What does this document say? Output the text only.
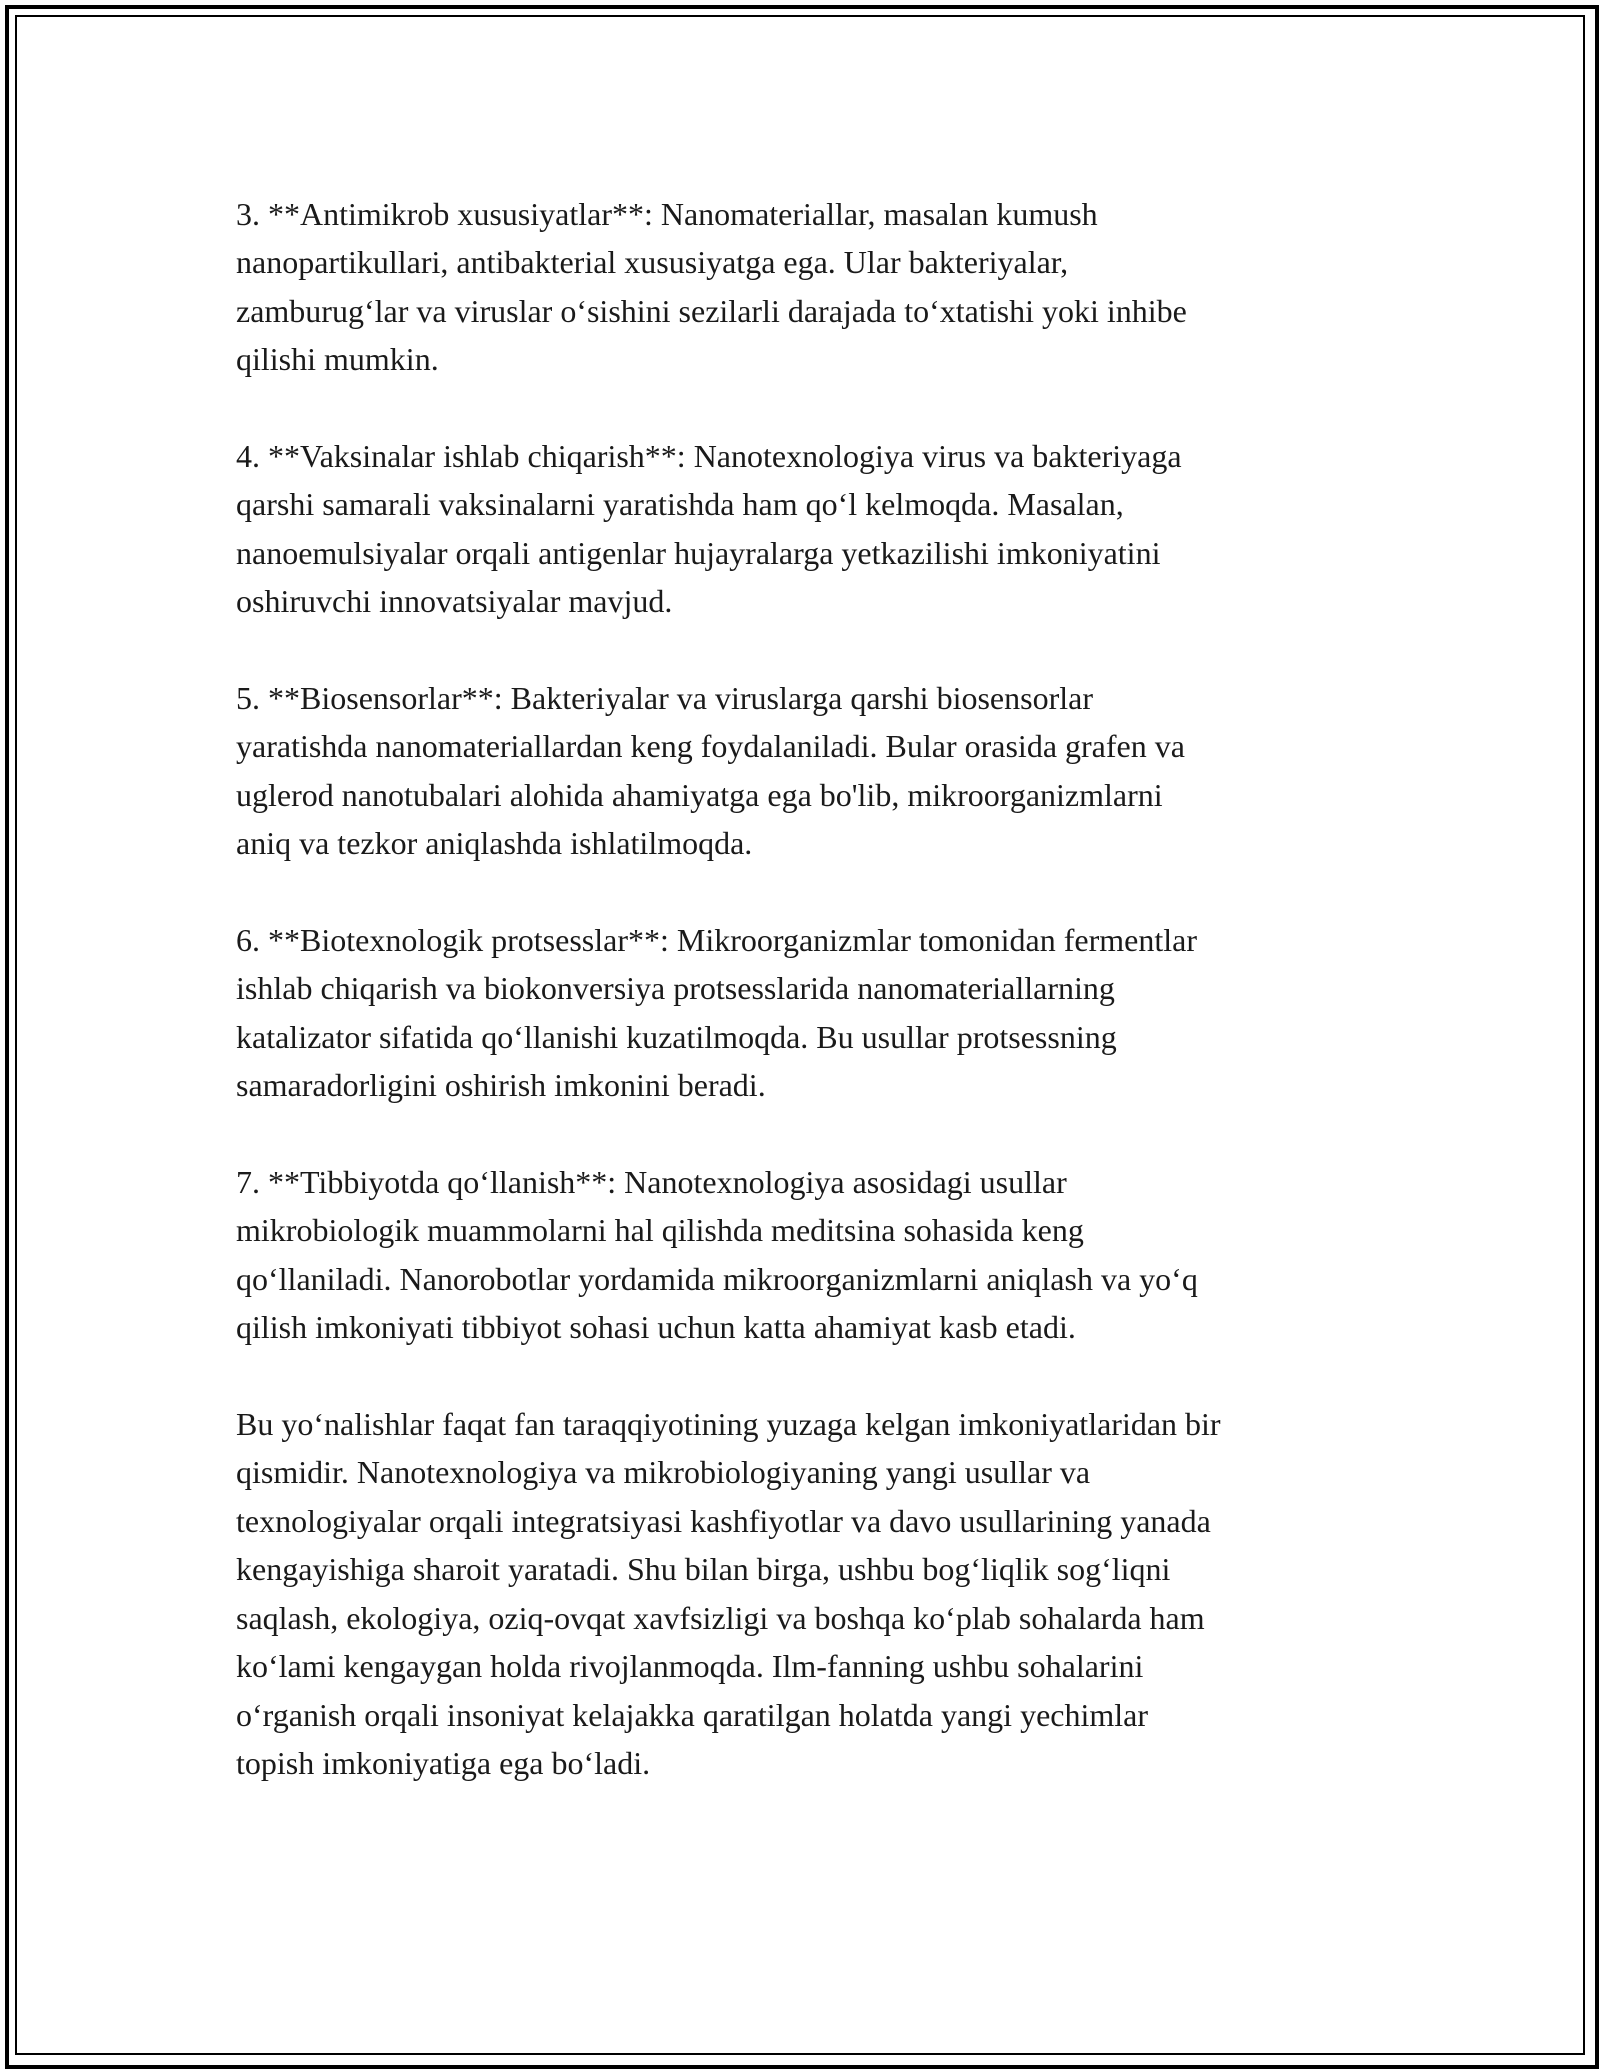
3. **Antimikrob xususiyatlar**: Nanomateriallar, masalan kumush
nanopartikullari, antibakterial xususiyatga ega. Ular bakteriyalar,
zamburug‘lar va viruslar o‘sishini sezilarli darajada to‘xtatishi yoki inhibe
qilishi mumkin.

4. **Vaksinalar ishlab chiqarish**: Nanotexnologiya virus va bakteriyaga
qarshi samarali vaksinalarni yaratishda ham qo‘l kelmoqda. Masalan,
nanoemulsiyalar orqali antigenlar hujayralarga yetkazilishi imkoniyatini
oshiruvchi innovatsiyalar mavjud.

5. **Biosensorlar**: Bakteriyalar va viruslarga qarshi biosensorlar
yaratishda nanomateriallardan keng foydalaniladi. Bular orasida grafen va
uglerod nanotubalari alohida ahamiyatga ega bo'lib, mikroorganizmlarni
aniq va tezkor aniqlashda ishlatilmoqda.

6. **Biotexnologik protsesslar**: Mikroorganizmlar tomonidan fermentlar
ishlab chiqarish va biokonversiya protsesslarida nanomateriallarning
katalizator sifatida qo‘llanishi kuzatilmoqda. Bu usullar protsessning
samaradorligini oshirish imkonini beradi.

7. **Tibbiyotda qo‘llanish**: Nanotexnologiya asosidagi usullar
mikrobiologik muammolarni hal qilishda meditsina sohasida keng
qo‘llaniladi. Nanorobotlar yordamida mikroorganizmlarni aniqlash va yo‘q
qilish imkoniyati tibbiyot sohasi uchun katta ahamiyat kasb etadi.

Bu yo‘nalishlar faqat fan taraqqiyotining yuzaga kelgan imkoniyatlaridan bir
qismidir. Nanotexnologiya va mikrobiologiyaning yangi usullar va
texnologiyalar orqali integratsiyasi kashfiyotlar va davo usullarining yanada
kengayishiga sharoit yaratadi. Shu bilan birga, ushbu bog‘liqlik sog‘liqni
saqlash, ekologiya, oziq-ovqat xavfsizligi va boshqa ko‘plab sohalarda ham
ko‘lami kengaygan holda rivojlanmoqda. Ilm-fanning ushbu sohalarini
o‘rganish orqali insoniyat kelajakka qaratilgan holatda yangi yechimlar
topish imkoniyatiga ega bo‘ladi.
